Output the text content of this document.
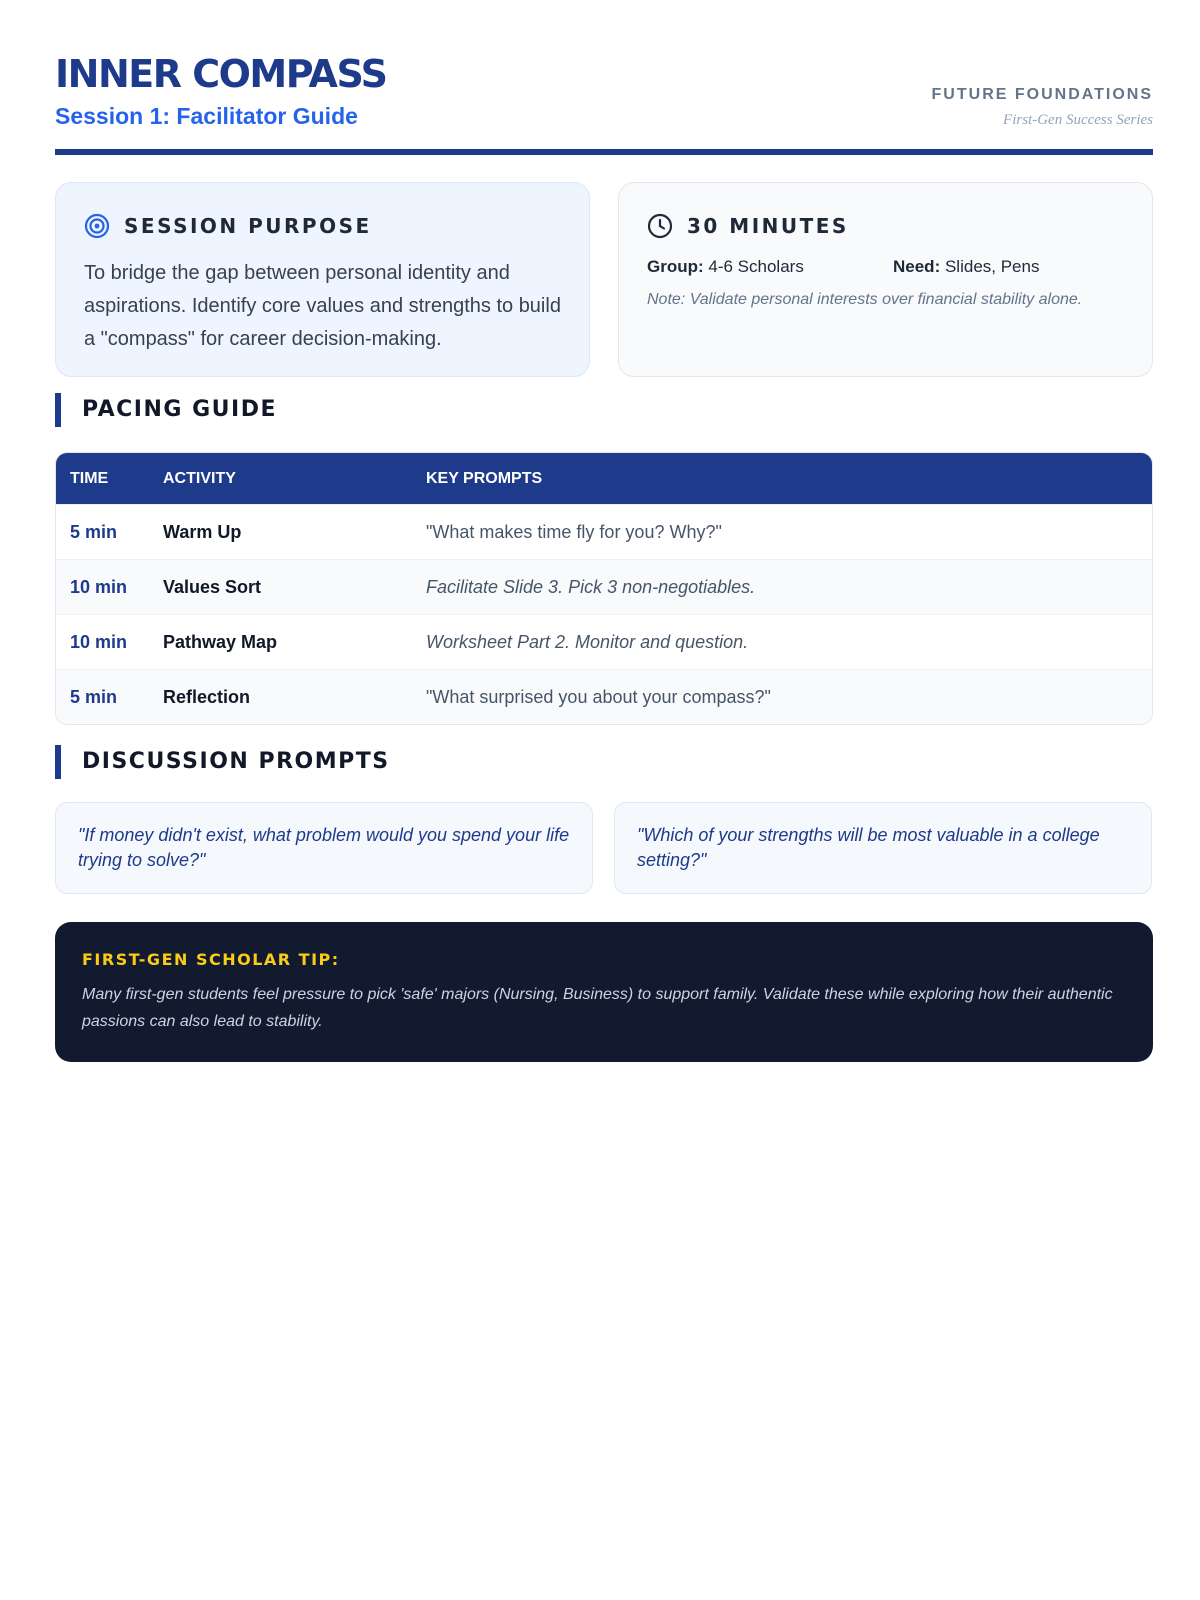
INNER COMPASS
Session 1: Facilitator Guide
FUTURE FOUNDATIONS
First-Gen Success Series
SESSION PURPOSE
To bridge the gap between personal identity and aspirations. Identify core values and strengths to build a "compass" for career decision-making.
30 MINUTES
Group: 4-6 Scholars	Need: Slides, Pens
Note: Validate personal interests over financial stability alone.
PACING GUIDE
TIME	ACTIVITY	KEY PROMPTS
5 min	Warm Up	"What makes time fly for you? Why?"
10 min	Values Sort	Facilitate Slide 3. Pick 3 non-negotiables.
10 min	Pathway Map	Worksheet Part 2. Monitor and question.
5 min	Reflection	"What surprised you about your compass?"
DISCUSSION PROMPTS
"If money didn't exist, what problem would you spend your life trying to solve?"
"Which of your strengths will be most valuable in a college setting?"
FIRST-GEN SCHOLAR TIP:
Many first-gen students feel pressure to pick 'safe' majors (Nursing, Business) to support family. Validate these while exploring how their authentic passions can also lead to stability.
